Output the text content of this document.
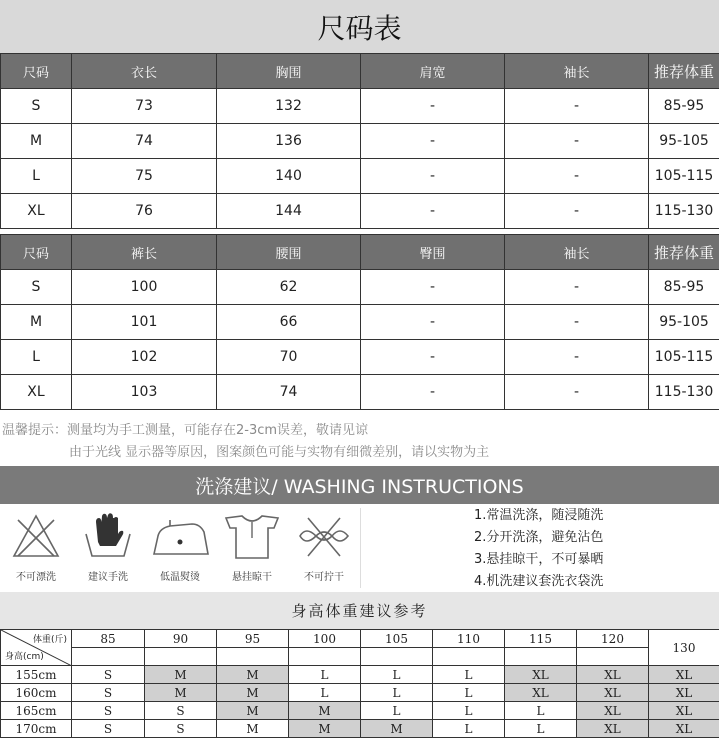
尺码表
尺码	衣长	胸围	肩宽	袖长	推荐体重
S	73	132	-	-	85-95
M	74	136	-	-	95-105
L	75	140	-	-	105-115
XL	76	144	-	-	115-130
尺码	裤长	腰围	臀围	袖长	推荐体重
S	100	62	-	-	85-95
M	101	66	-	-	95-105
L	102	70	-	-	105-115
XL	103	74	-	-	115-130
温馨提示：测量均为手工测量，可能存在2-3cm误差，敬请见谅
由于光线 显示器等原因，图案颜色可能与实物有细微差别，请以实物为主
洗涤建议/ WASHING INSTRUCTIONS
不可漂洗	建议手洗	低温熨烫	悬挂晾干	不可拧干
1.常温洗涤，随浸随洗
2.分开洗涤，避免沾色
3.悬挂晾干，不可暴晒
4.机洗建议套洗衣袋洗
身高体重建议参考
体重(斤)
身高(cm)	85	90	95	100	105	110	115	120	130

155cm	S	M	M	L	L	L	XL	XL	XL
160cm	S	M	M	L	L	L	XL	XL	XL
165cm	S	S	M	M	L	L	L	XL	XL
170cm	S	S	M	M	M	L	L	XL	XL
